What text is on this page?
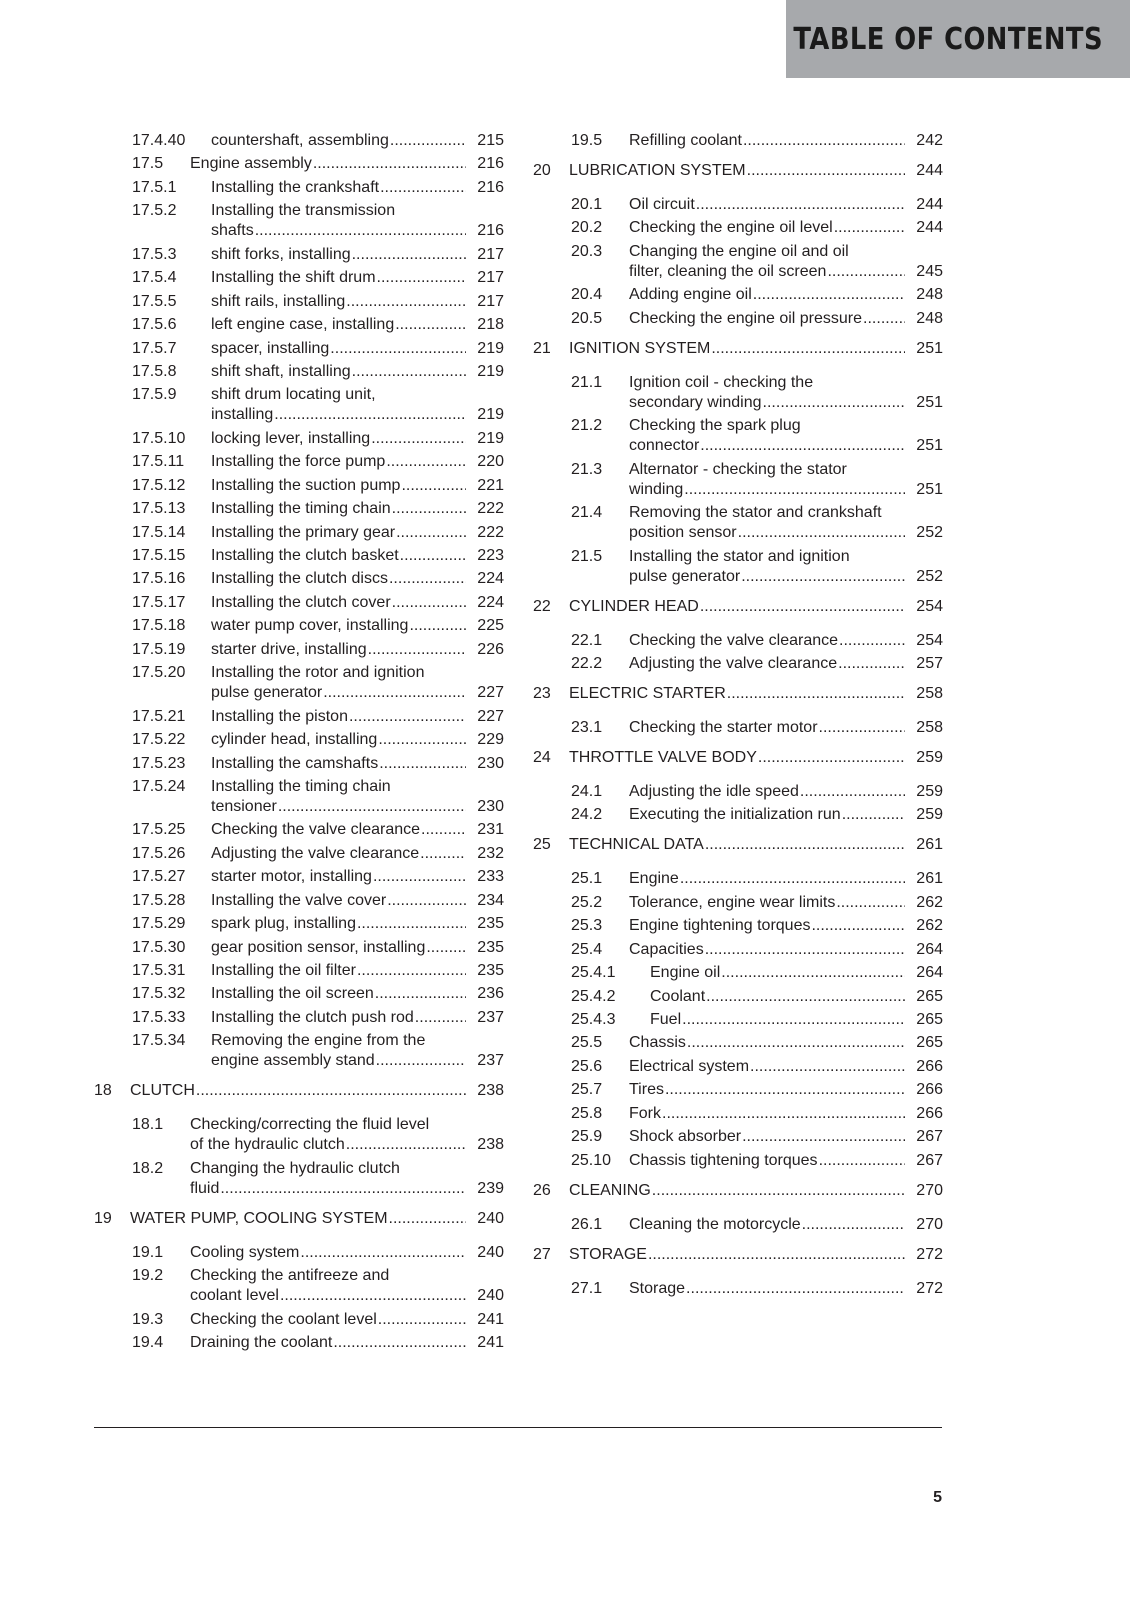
TABLE OF CONTENTS
17.4.40 countershaft, assembling .....	215
17.5 Engine assembly .....	216
17.5.1 Installing the crankshaft .....	216
17.5.2 Installing the transmission
shafts .....	216
17.5.3 shift forks, installing .....	217
17.5.4 Installing the shift drum .....	217
17.5.5 shift rails, installing .....	217
17.5.6 left engine case, installing .....	218
17.5.7 spacer, installing .....	219
17.5.8 shift shaft, installing .....	219
17.5.9 shift drum locating unit,
installing .....	219
17.5.10 locking lever, installing .....	219
17.5.11 Installing the force pump .....	220
17.5.12 Installing the suction pump .....	221
17.5.13 Installing the timing chain .....	222
17.5.14 Installing the primary gear .....	222
17.5.15 Installing the clutch basket .....	223
17.5.16 Installing the clutch discs .....	224
17.5.17 Installing the clutch cover .....	224
17.5.18 water pump cover, installing .....	225
17.5.19 starter drive, installing .....	226
17.5.20 Installing the rotor and ignition
pulse generator .....	227
17.5.21 Installing the piston .....	227
17.5.22 cylinder head, installing .....	229
17.5.23 Installing the camshafts .....	230
17.5.24 Installing the timing chain
tensioner .....	230
17.5.25 Checking the valve clearance .....	231
17.5.26 Adjusting the valve clearance .....	232
17.5.27 starter motor, installing .....	233
17.5.28 Installing the valve cover .....	234
17.5.29 spark plug, installing .....	235
17.5.30 gear position sensor, installing .....	235
17.5.31 Installing the oil filter .....	235
17.5.32 Installing the oil screen .....	236
17.5.33 Installing the clutch push rod .....	237
17.5.34 Removing the engine from the
engine assembly stand .....	237
18 CLUTCH .....	238
18.1 Checking/correcting the fluid level
of the hydraulic clutch .....	238
18.2 Changing the hydraulic clutch
fluid .....	239
19 WATER PUMP, COOLING SYSTEM .....	240
19.1 Cooling system .....	240
19.2 Checking the antifreeze and
coolant level .....	240
19.3 Checking the coolant level .....	241
19.4 Draining the coolant .....	241
19.5 Refilling coolant .....	242
20 LUBRICATION SYSTEM .....	244
20.1 Oil circuit .....	244
20.2 Checking the engine oil level .....	244
20.3 Changing the engine oil and oil
filter, cleaning the oil screen .....	245
20.4 Adding engine oil .....	248
20.5 Checking the engine oil pressure .....	248
21 IGNITION SYSTEM .....	251
21.1 Ignition coil - checking the
secondary winding .....	251
21.2 Checking the spark plug
connector .....	251
21.3 Alternator - checking the stator
winding .....	251
21.4 Removing the stator and crankshaft
position sensor .....	252
21.5 Installing the stator and ignition
pulse generator .....	252
22 CYLINDER HEAD .....	254
22.1 Checking the valve clearance .....	254
22.2 Adjusting the valve clearance .....	257
23 ELECTRIC STARTER .....	258
23.1 Checking the starter motor .....	258
24 THROTTLE VALVE BODY .....	259
24.1 Adjusting the idle speed .....	259
24.2 Executing the initialization run .....	259
25 TECHNICAL DATA .....	261
25.1 Engine .....	261
25.2 Tolerance, engine wear limits .....	262
25.3 Engine tightening torques .....	262
25.4 Capacities .....	264
25.4.1 Engine oil .....	264
25.4.2 Coolant .....	265
25.4.3 Fuel .....	265
25.5 Chassis .....	265
25.6 Electrical system .....	266
25.7 Tires .....	266
25.8 Fork .....	266
25.9 Shock absorber .....	267
25.10 Chassis tightening torques .....	267
26 CLEANING .....	270
26.1 Cleaning the motorcycle .....	270
27 STORAGE .....	272
27.1 Storage .....	272
5
